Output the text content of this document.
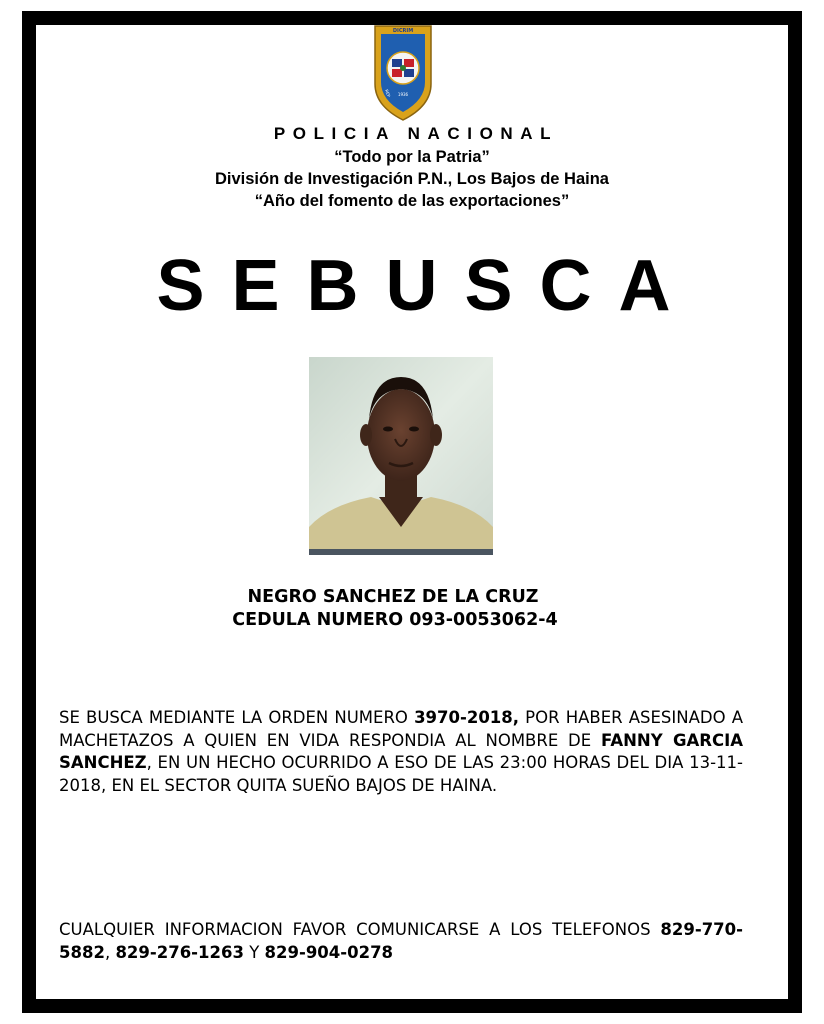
DICRIM
REP 1936
POLICIA NACIONAL
“Todo por la Patria”
División de Investigación P.N., Los Bajos de Haina
“Año del fomento de las exportaciones”
SEBUSCA
NEGRO SANCHEZ DE LA CRUZ
CEDULA NUMERO 093-0053062-4
SE BUSCA MEDIANTE LA ORDEN NUMERO 3970-2018, POR HABER ASESINADO A MACHETAZOS A QUIEN EN VIDA RESPONDIA AL NOMBRE DE FANNY GARCIA SANCHEZ, EN UN HECHO OCURRIDO A ESO DE LAS 23:00 HORAS DEL DIA 13-11-2018, EN EL SECTOR QUITA SUEÑO BAJOS DE HAINA.
CUALQUIER INFORMACION FAVOR COMUNICARSE A LOS TELEFONOS 829-770-5882, 829-276-1263 Y 829-904-0278
